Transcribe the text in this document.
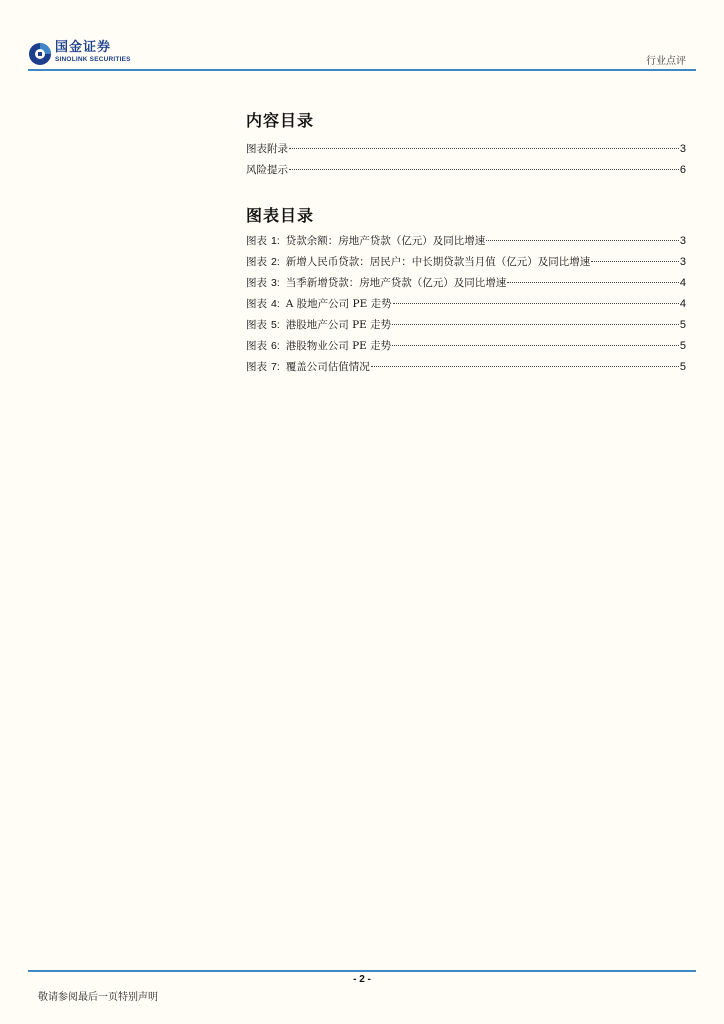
国金证券
SINOLINK SECURITIES	行业点评
内容目录
图表附录	3
风险提示	6
图表目录
图表 1: 贷款余额：房地产贷款（亿元）及同比增速	3
图表 2: 新增人民币贷款：居民户：中长期贷款当月值（亿元）及同比增速	3
图表 3: 当季新增贷款：房地产贷款（亿元）及同比增速	4
图表 4: A 股地产公司 PE 走势	4
图表 5: 港股地产公司 PE 走势	5
图表 6: 港股物业公司 PE 走势	5
图表 7: 覆盖公司估值情况	5
- 2 -
敬请参阅最后一页特别声明
